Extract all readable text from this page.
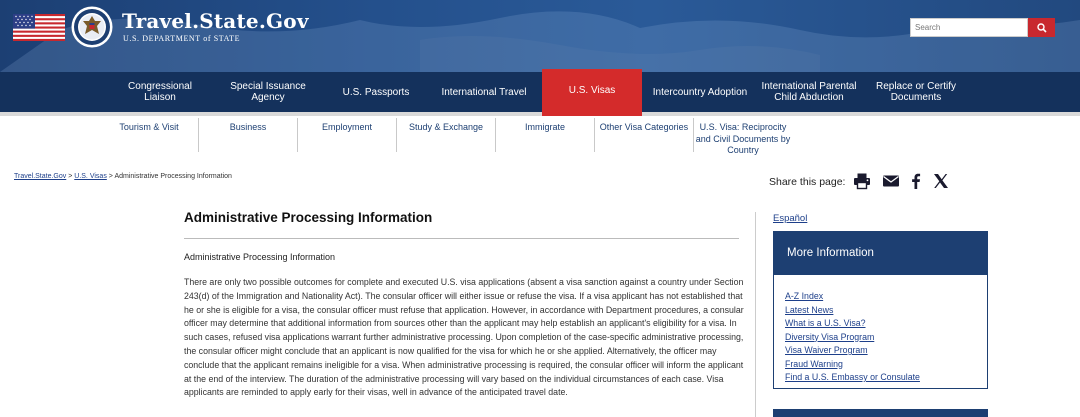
Travel.State.Gov
U.S. DEPARTMENT of STATE
Search
Congressional Liaison
Special Issuance Agency	U.S. Passports	International Travel	U.S. Visas	Intercountry Adoption	International Parental Child Abduction
Replace or Certify Documents
Tourism & Visit	Business	Employment	Study & Exchange	Immigrate	Other Visa Categories	U.S. Visa: Reciprocity and Civil Documents by Country
Travel.State.Gov > U.S. Visas > Administrative Processing Information	Share this page:
Administrative Processing Information
Administrative Processing Information

There are only two possible outcomes for complete and executed U.S. visa applications (absent a visa sanction against a country under Section 243(d) of the Immigration and Nationality Act). The consular officer will either issue or refuse the visa. If a visa applicant has not established that he or she is eligible for a visa, the consular officer must refuse that application. However, in accordance with Department procedures, a consular officer may determine that additional information from sources other than the applicant may help establish an applicant's eligibility for a visa. In such cases, refused visa applications warrant further administrative processing. Upon completion of the case-specific administrative processing, the consular officer might conclude that an applicant is now qualified for the visa for which he or she applied. Alternatively, the officer may conclude that the applicant remains ineligible for a visa. When administrative processing is required, the consular officer will inform the applicant at the end of the interview. The duration of the administrative processing will vary based on the individual circumstances of each case. Visa applicants are reminded to apply early for their visas, well in advance of the anticipated travel date.

Español
More Information
A-Z Index
Latest News
What is a U.S. Visa?
Diversity Visa Program
Visa Waiver Program
Fraud Warning
Find a U.S. Embassy or Consulate
